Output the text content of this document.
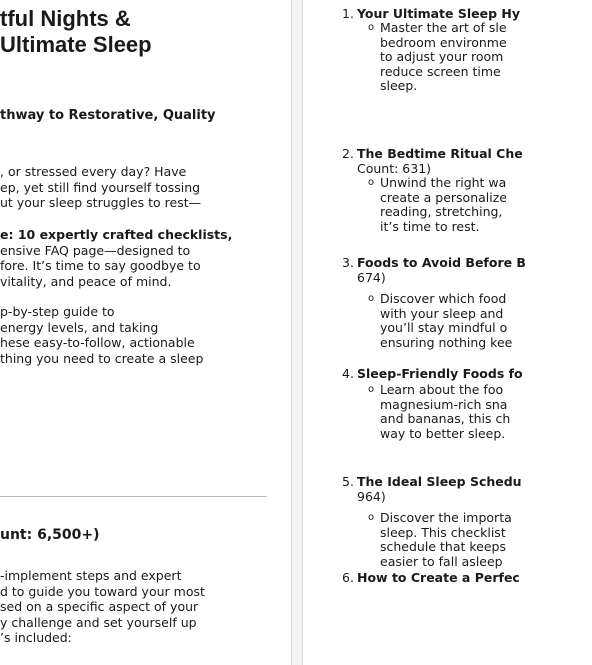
tful Nights &
Ultimate Sleep
thway to Restorative, Quality
, or stressed every day? Have
ep, yet still find yourself tossing
ut your sleep struggles to rest—
e: 10 expertly crafted checklists,
ensive FAQ page—designed to
fore. It’s time to say goodbye to
vitality, and peace of mind.
p-by-step guide to
energy levels, and taking
hese easy-to-follow, actionable
thing you need to create a sleep
unt: 6,500+)
-implement steps and expert
d to guide you toward your most
sed on a specific aspect of your
y challenge and set yourself up
’s included:
1. Your Ultimate Sleep Hy
o Master the art of sle
bedroom environme
to adjust your room
reduce screen time
sleep.
2. The Bedtime Ritual Che
Count: 631)
o Unwind the right wa
create a personalize
reading, stretching,
it’s time to rest.
3. Foods to Avoid Before B
674)
o Discover which food
with your sleep and
you’ll stay mindful o
ensuring nothing kee
4. Sleep-Friendly Foods fo
o Learn about the foo
magnesium-rich sna
and bananas, this ch
way to better sleep.
5. The Ideal Sleep Schedu
964)
o Discover the importa
sleep. This checklist
schedule that keeps
easier to fall asleep
6. How to Create a Perfec
